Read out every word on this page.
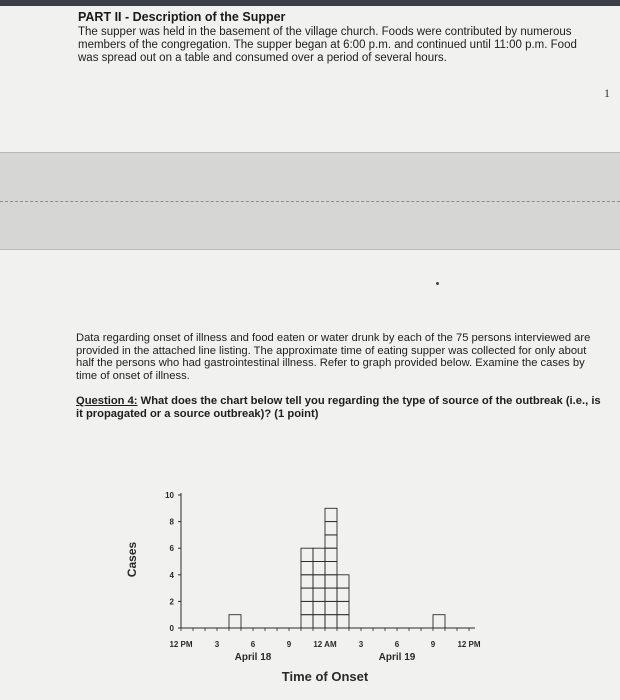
PART II - Description of the Supper
The supper was held in the basement of the village church. Foods were contributed by numerous members of the congregation. The supper began at 6:00 p.m. and continued until 11:00 p.m. Food was spread out on a table and consumed over a period of several hours.
1
Data regarding onset of illness and food eaten or water drunk by each of the 75 persons interviewed are provided in the attached line listing. The approximate time of eating supper was collected for only about half the persons who had gastrointestinal illness. Refer to graph provided below. Examine the cases by time of onset of illness.
Question 4: What does the chart below tell you regarding the type of source of the outbreak (i.e., is it propagated or a source outbreak)? (1 point)
0
2
4
6
8
10
12 PM	3	6	9	12 AM	3	6	9	12 PM
April 18	April 19
Cases
Time of Onset
